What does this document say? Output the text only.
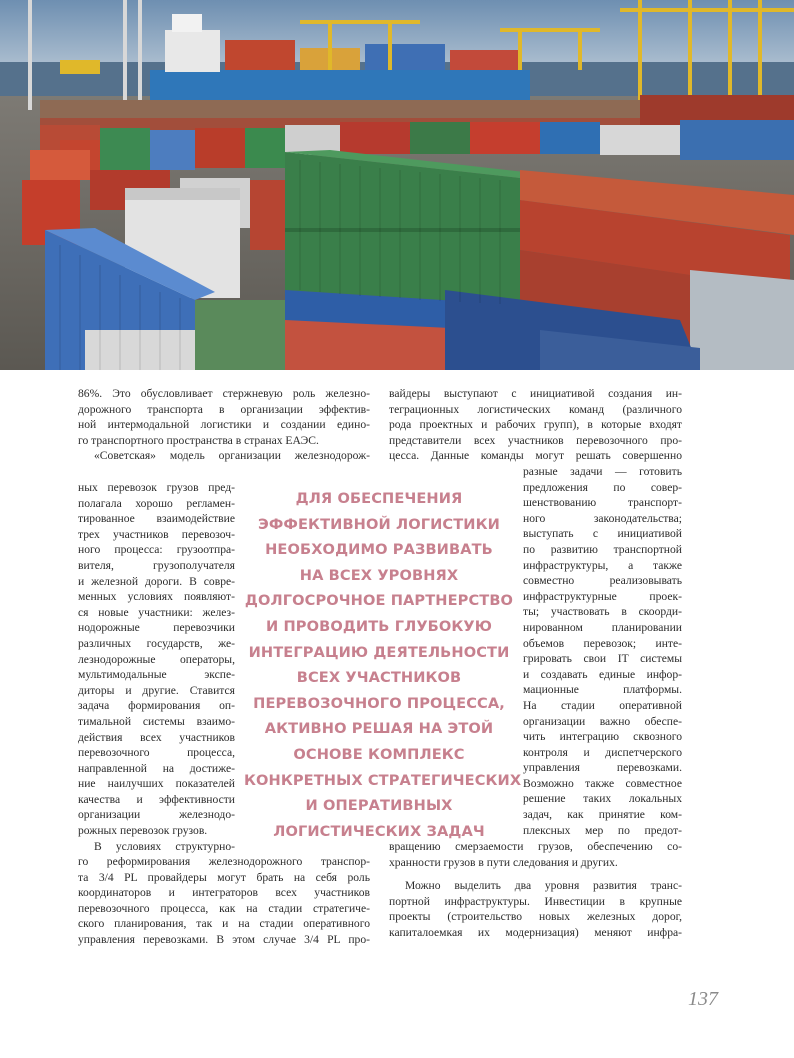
86%. Это обусловливает стержневую роль железно-
дорожного транспорта в организации эффектив-
ной интермодальной логистики и создании едино-
го транспортного пространства в странах ЕАЭС.

«Советская» модель организации железнодорож-

ных перевозок грузов пред-
полагала хорошо регламен-
тированное взаимодействие
трех участников перевозоч-
ного процесса: грузоотпра-
вителя, грузополучателя
и железной дороги. В совре-
менных условиях появляют-
ся новые участники: желез-
нодорожные перевозчики
различных государств, же-
лезнодорожные операторы,
мультимодальные экспе-
диторы и другие. Ставится
задача формирования оп-
тимальной системы взаимо-
действия всех участников
перевозочного процесса,
направленной на достиже-
ние наилучших показателей
качества и эффективности
организации железнодо-
рожных перевозок грузов.
В условиях структурно-
го реформирования железнодорожного транспор-
та 3/4 PL провайдеры могут брать на себя роль
координаторов и интеграторов всех участников
перевозочного процесса, как на стадии стратегиче-
ского планирования, так и на стадии оперативного
управления перевозками. В этом случае 3/4 PL про-
вайдеры выступают с инициативой создания ин-
теграционных логистических команд (различного
рода проектных и рабочих групп), в которые входят
представители всех участников перевозочного про-
цесса. Данные команды могут решать совершенно
разные задачи — готовить
предложения по совер-
шенствованию транспорт-
ного законодательства;
выступать с инициативой
по развитию транспортной
инфраструктуры, а также
совместно реализовывать
инфраструктурные проек-
ты; участвовать в скоорди-
нированном планировании
объемов перевозок; инте-
грировать свои IT системы
и создавать единые инфор-
мационные платформы.
На стадии оперативной
организации важно обеспе-
чить интеграцию сквозного
контроля и диспетчерского
управления перевозками.
Возможно также совместное
решение таких локальных
задач, как принятие ком-
плексных мер по предот-
вращению смерзаемости грузов, обеспечению со-
хранности грузов в пути следования и других.
Можно выделить два уровня развития транс-
портной инфраструктуры. Инвестиции в крупные
проекты (строительство новых железных дорог,
капиталоемкая их модернизация) меняют инфра-
ДЛЯ ОБЕСПЕЧЕНИЯ
ЭФФЕКТИВНОЙ ЛОГИСТИКИ
НЕОБХОДИМО РАЗВИВАТЬ
НА ВСЕХ УРОВНЯХ
ДОЛГОСРОЧНОЕ ПАРТНЕРСТВО
И ПРОВОДИТЬ ГЛУБОКУЮ
ИНТЕГРАЦИЮ ДЕЯТЕЛЬНОСТИ
ВСЕХ УЧАСТНИКОВ
ПЕРЕВОЗОЧНОГО ПРОЦЕССА,
АКТИВНО РЕШАЯ НА ЭТОЙ
ОСНОВЕ КОМПЛЕКС
КОНКРЕТНЫХ СТРАТЕГИЧЕСКИХ
И ОПЕРАТИВНЫХ
ЛОГИСТИЧЕСКИХ ЗАДАЧ
137
